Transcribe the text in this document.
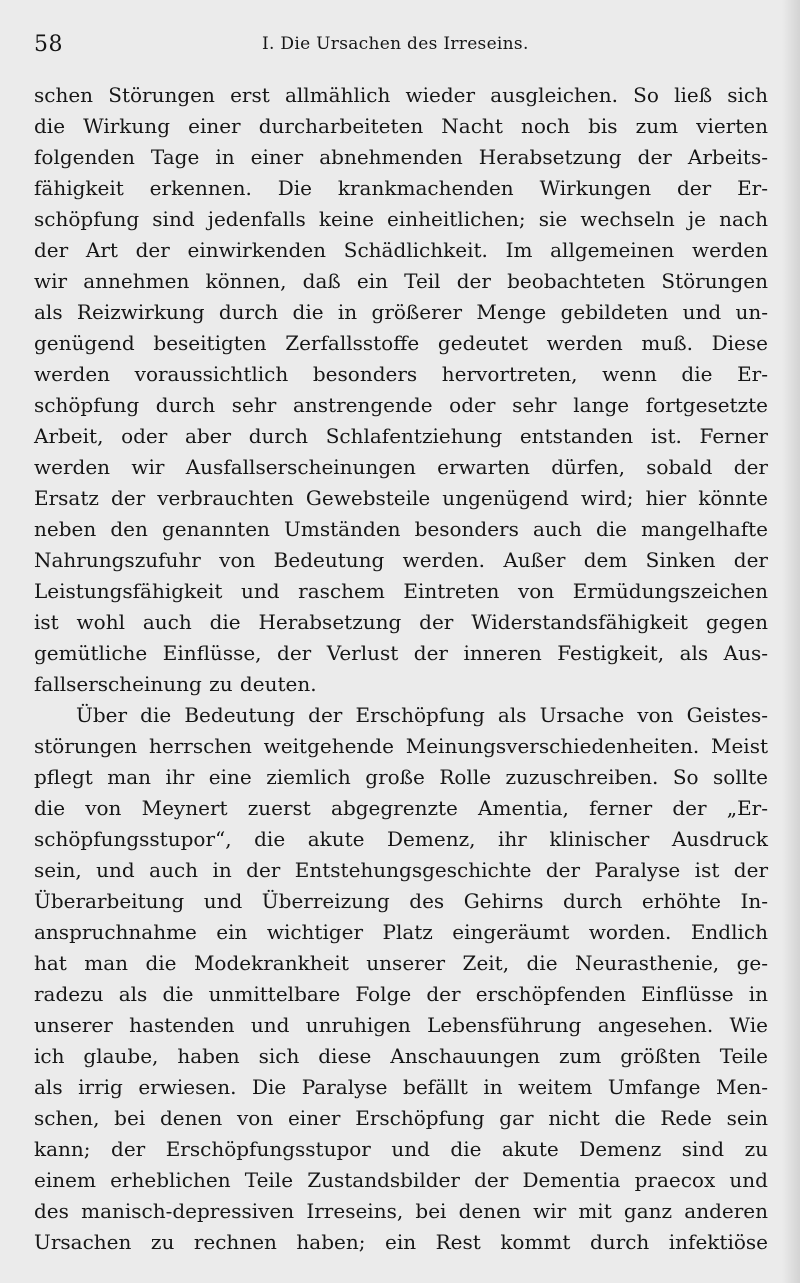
58	I. Die Ursachen des Irreseins.
schen Störungen erst allmählich wieder ausgleichen. So ließ sich
die Wirkung einer durcharbeiteten Nacht noch bis zum vierten
folgenden Tage in einer abnehmenden Herabsetzung der Arbeits-
fähigkeit erkennen. Die krankmachenden Wirkungen der Er-
schöpfung sind jedenfalls keine einheitlichen; sie wechseln je nach
der Art der einwirkenden Schädlichkeit. Im allgemeinen werden
wir annehmen können, daß ein Teil der beobachteten Störungen
als Reizwirkung durch die in größerer Menge gebildeten und un-
genügend beseitigten Zerfallsstoffe gedeutet werden muß. Diese
werden voraussichtlich besonders hervortreten, wenn die Er-
schöpfung durch sehr anstrengende oder sehr lange fortgesetzte
Arbeit, oder aber durch Schlafentziehung entstanden ist. Ferner
werden wir Ausfallserscheinungen erwarten dürfen, sobald der
Ersatz der verbrauchten Gewebsteile ungenügend wird; hier könnte
neben den genannten Umständen besonders auch die mangelhafte
Nahrungszufuhr von Bedeutung werden. Außer dem Sinken der
Leistungsfähigkeit und raschem Eintreten von Ermüdungszeichen
ist wohl auch die Herabsetzung der Widerstandsfähigkeit gegen
gemütliche Einflüsse, der Verlust der inneren Festigkeit, als Aus-
fallserscheinung zu deuten.
Über die Bedeutung der Erschöpfung als Ursache von Geistes-
störungen herrschen weitgehende Meinungsverschiedenheiten. Meist
pflegt man ihr eine ziemlich große Rolle zuzuschreiben. So sollte
die von Meynert zuerst abgegrenzte Amentia, ferner der „Er-
schöpfungsstupor“, die akute Demenz, ihr klinischer Ausdruck
sein, und auch in der Entstehungsgeschichte der Paralyse ist der
Überarbeitung und Überreizung des Gehirns durch erhöhte In-
anspruchnahme ein wichtiger Platz eingeräumt worden. Endlich
hat man die Modekrankheit unserer Zeit, die Neurasthenie, ge-
radezu als die unmittelbare Folge der erschöpfenden Einflüsse in
unserer hastenden und unruhigen Lebensführung angesehen. Wie
ich glaube, haben sich diese Anschauungen zum größten Teile
als irrig erwiesen. Die Paralyse befällt in weitem Umfange Men-
schen, bei denen von einer Erschöpfung gar nicht die Rede sein
kann; der Erschöpfungsstupor und die akute Demenz sind zu
einem erheblichen Teile Zustandsbilder der Dementia praecox und
des manisch-depressiven Irreseins, bei denen wir mit ganz anderen
Ursachen zu rechnen haben; ein Rest kommt durch infektiöse
